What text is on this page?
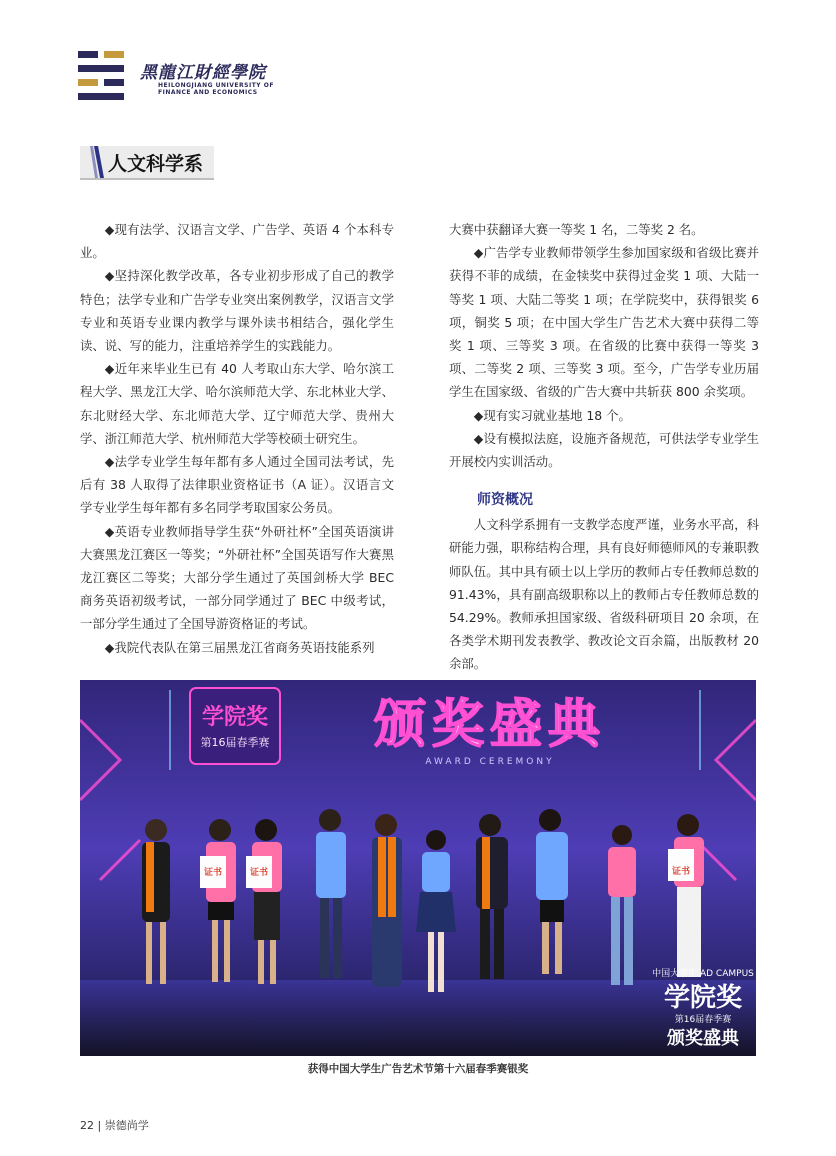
黑龍江財經學院
HEILONGJIANG UNIVERSITY OF
FINANCE AND ECONOMICS
人文科学系

◆现有法学、汉语言文学、广告学、英语 4 个本科专业。

◆坚持深化教学改革，各专业初步形成了自己的教学特色；法学专业和广告学专业突出案例教学，汉语言文学专业和英语专业课内教学与课外读书相结合，强化学生读、说、写的能力，注重培养学生的实践能力。

◆近年来毕业生已有 40 人考取山东大学、哈尔滨工程大学、黑龙江大学、哈尔滨师范大学、东北林业大学、东北财经大学、东北师范大学、辽宁师范大学、贵州大学、浙江师范大学、杭州师范大学等校硕士研究生。

◆法学专业学生每年都有多人通过全国司法考试，先后有 38 人取得了法律职业资格证书（A 证）。汉语言文学专业学生每年都有多名同学考取国家公务员。

◆英语专业教师指导学生获“外研社杯”全国英语演讲大赛黑龙江赛区一等奖；“外研社杯”全国英语写作大赛黑龙江赛区二等奖；大部分学生通过了英国剑桥大学 BEC 商务英语初级考试，一部分同学通过了 BEC 中级考试，一部分学生通过了全国导游资格证的考试。

◆我院代表队在第三届黑龙江省商务英语技能系列

大赛中获翻译大赛一等奖 1 名，二等奖 2 名。

◆广告学专业教师带领学生参加国家级和省级比赛并获得不菲的成绩，在金犊奖中获得过金奖 1 项、大陆一等奖 1 项、大陆二等奖 1 项；在学院奖中，获得银奖 6 项，铜奖 5 项；在中国大学生广告艺术大赛中获得二等奖 1 项、三等奖 3 项。在省级的比赛中获得一等奖 3 项、二等奖 2 项、三等奖 3 项。至今，广告学专业历届学生在国家级、省级的广告大赛中共斩获 800 余奖项。

◆现有实习就业基地 18 个。

◆设有模拟法庭，设施齐备规范，可供法学专业学生开展校内实训活动。

师资概况

人文科学系拥有一支教学态度严谨，业务水平高，科研能力强，职称结构合理，具有良好师德师风的专兼职教师队伍。其中具有硕士以上学历的教师占专任教师总数的 91.43%，具有副高级职称以上的教师占专任教师总数的 54.29%。教师承担国家级、省级科研项目 20 余项，在各类学术期刊发表教学、教改论文百余篇，出版教材 20 余部。

学院奖
第16届春季赛 颁奖盛典
AWARD CEREMONY
证书	证书	证书
中国大学生 AD CAMPUS
学院奖
第16届春季赛
颁奖盛典
获得中国大学生广告艺术节第十六届春季赛银奖
22 | 崇德尚学
